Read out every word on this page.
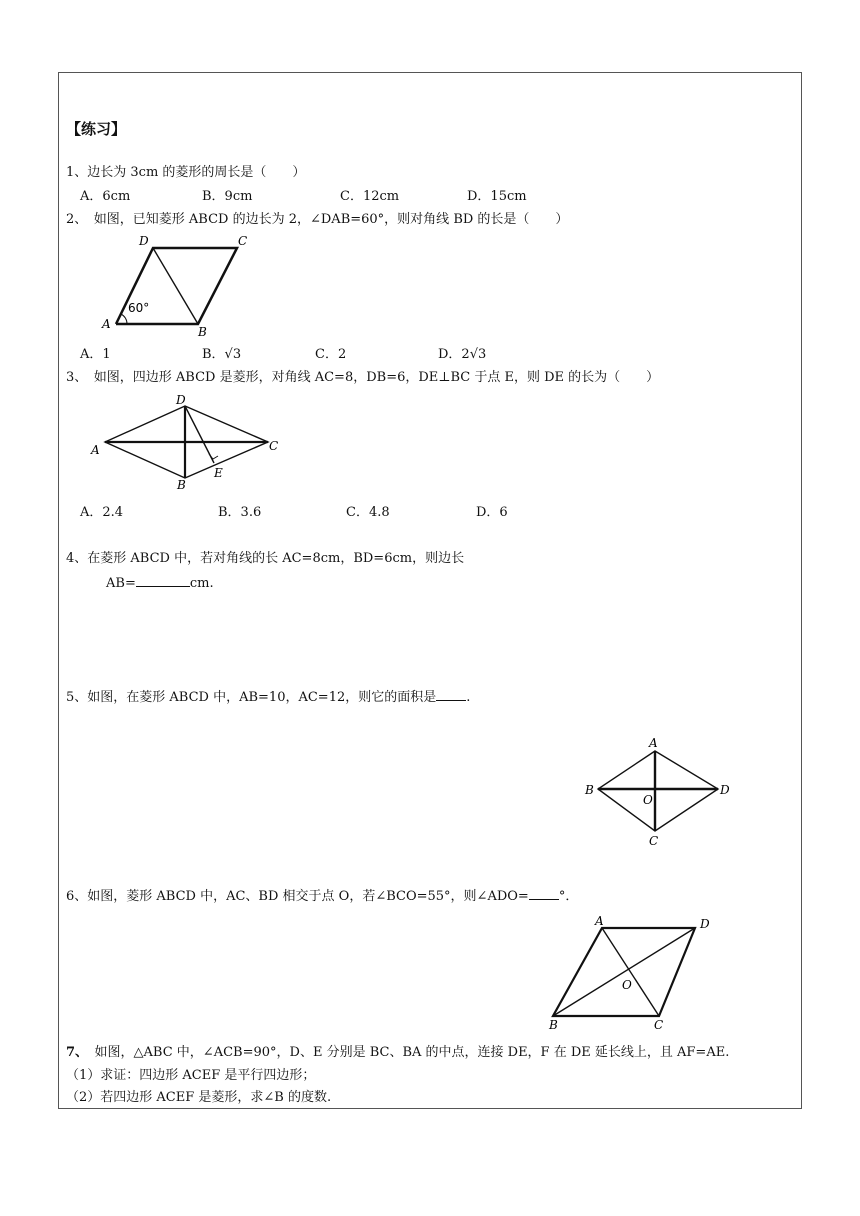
【练习】
1、边长为 3cm 的菱形的周长是（　　）
A．6cm	B．9cm	C．12cm	D．15cm
2、　如图，已知菱形 ABCD 的边长为 2，∠DAB=60°，则对角线 BD 的长是（　　）
D	C
A
B
60°
A．1	B．√3	C．2	D．2√3
3、　如图，四边形 ABCD 是菱形，对角线 AC=8，DB=6，DE⊥BC 于点 E，则 DE 的长为（　　）
D
A	C
B
E
A．2.4	B．3.6	C．4.8	D．6
4、在菱形 ABCD 中，若对角线的长 AC=8cm，BD=6cm，则边长
AB=	cm.
5、如图，在菱形 ABCD 中，AB=10，AC=12，则它的面积是 .
A
B	D
O
C
6、如图，菱形 ABCD 中，AC、BD 相交于点 O，若∠BCO=55°，则∠ADO= °．
A	D
O
B	C
7、　如图，△ABC 中，∠ACB=90°，D、E 分别是 BC、BA 的中点，连接 DE，F 在 DE 延长线上，且 AF=AE.
（1）求证：四边形 ACEF 是平行四边形；
（2）若四边形 ACEF 是菱形，求∠B 的度数.
